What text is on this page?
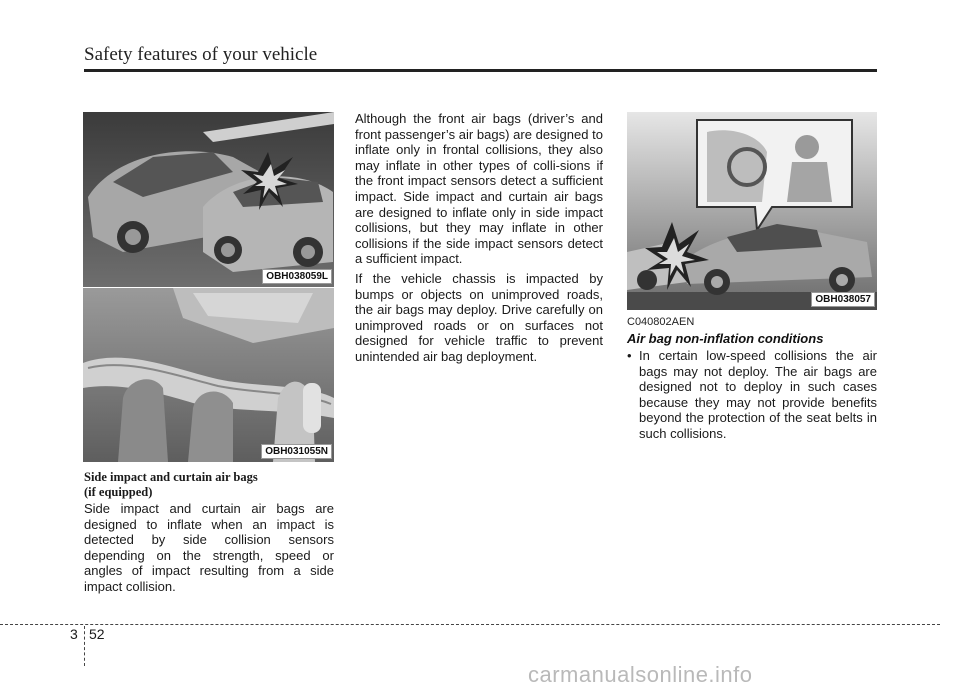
Safety features of your vehicle
OBH038059L
OBH031055N
Side impact and curtain air bags
(if equipped)

Side impact and curtain air bags are designed to inflate when an impact is detected by side collision sensors depending on the strength, speed or angles of impact resulting from a side impact collision.

Although the front air bags (driver’s and front passenger’s air bags) are designed to inflate only in frontal collisions, they also may inflate in other types of colli-sions if the front impact sensors detect a sufficient impact. Side impact and curtain air bags are designed to inflate only in side impact collisions, but they may inflate in other collisions if the side impact sensors detect a sufficient impact.

If the vehicle chassis is impacted by bumps or objects on unimproved roads, the air bags may deploy. Drive carefully on unimproved roads or on surfaces not designed for vehicle traffic to prevent unintended air bag deployment.

OBH038057
C040802AEN
Air bag non-inflation conditions
• In certain low-speed collisions the air bags may not deploy. The air bags are designed not to deploy in such cases because they may not provide benefits beyond the protection of the seat belts in such collisions.

3 52
carmanualsonline.info
